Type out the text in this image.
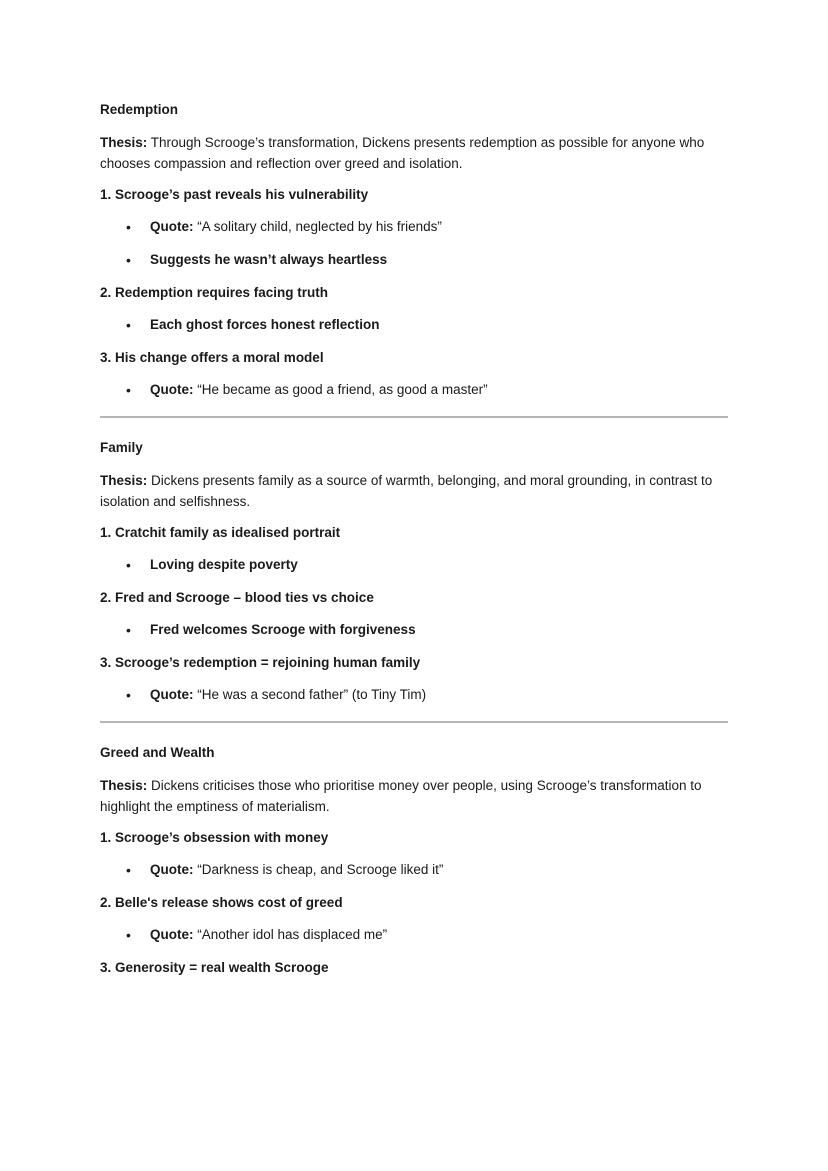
Redemption
Thesis: Through Scrooge’s transformation, Dickens presents redemption as possible for anyone who chooses compassion and reflection over greed and isolation.
1. Scrooge’s past reveals his vulnerability
• Quote: “A solitary child, neglected by his friends”
• Suggests he wasn’t always heartless
2. Redemption requires facing truth
• Each ghost forces honest reflection
3. His change offers a moral model
• Quote: “He became as good a friend, as good a master”
Family
Thesis: Dickens presents family as a source of warmth, belonging, and moral grounding, in contrast to isolation and selfishness.
1. Cratchit family as idealised portrait
• Loving despite poverty
2. Fred and Scrooge – blood ties vs choice
• Fred welcomes Scrooge with forgiveness
3. Scrooge’s redemption = rejoining human family
• Quote: “He was a second father” (to Tiny Tim)
Greed and Wealth
Thesis: Dickens criticises those who prioritise money over people, using Scrooge’s transformation to highlight the emptiness of materialism.
1. Scrooge’s obsession with money
• Quote: “Darkness is cheap, and Scrooge liked it”
2. Belle's release shows cost of greed
• Quote: “Another idol has displaced me”
3. Generosity = real wealth Scrooge
